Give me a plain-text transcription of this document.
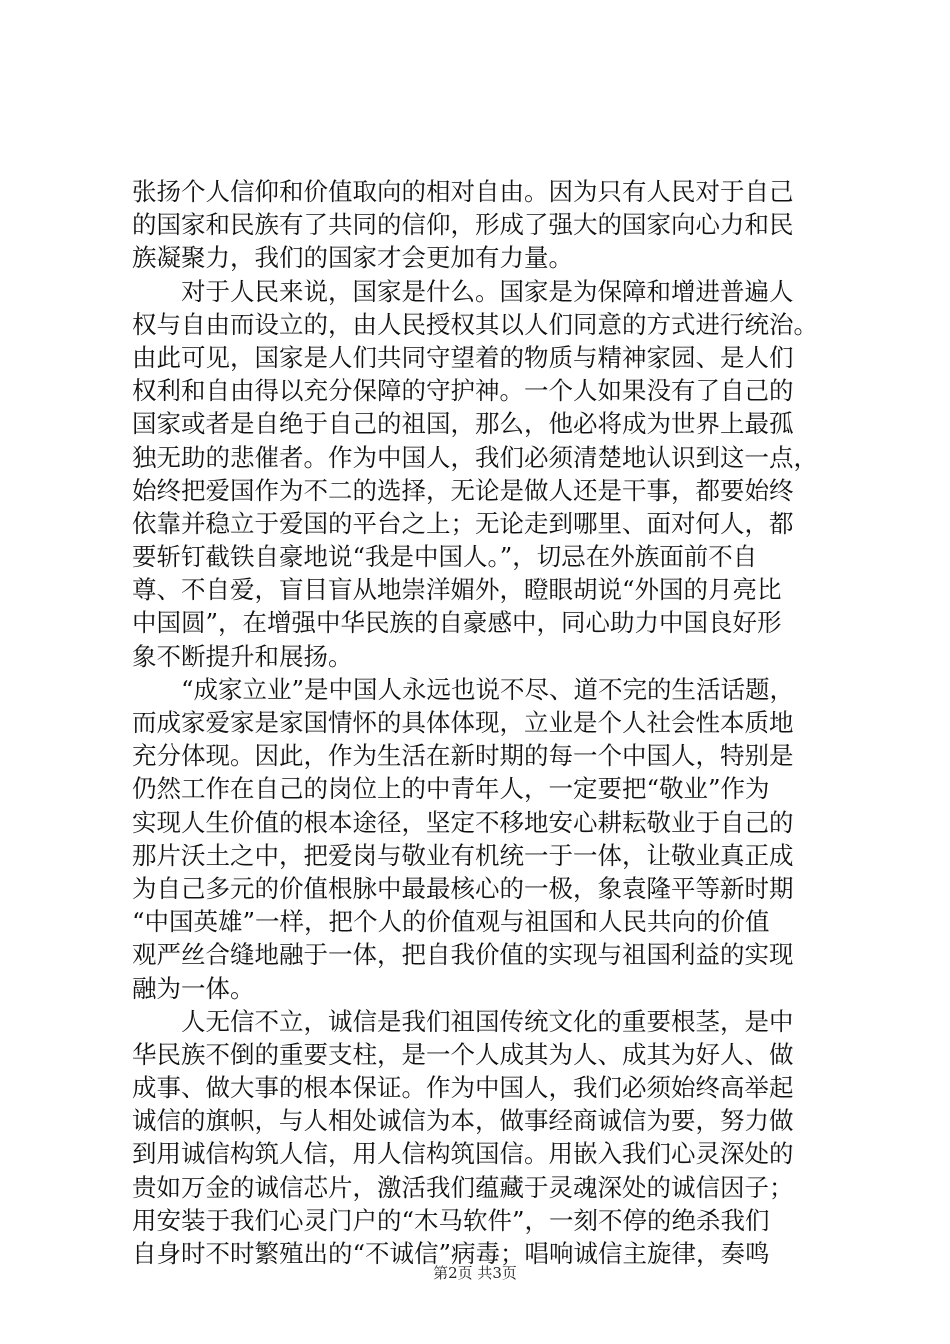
张扬个人信仰和价值取向的相对自由。因为只有人民对于自己
的国家和民族有了共同的信仰，形成了强大的国家向心力和民
族凝聚力，我们的国家才会更加有力量。
　　对于人民来说，国家是什么。国家是为保障和增进普遍人
权与自由而设立的，由人民授权其以人们同意的方式进行统治。
由此可见，国家是人们共同守望着的物质与精神家园、是人们
权利和自由得以充分保障的守护神。一个人如果没有了自己的
国家或者是自绝于自己的祖国，那么，他必将成为世界上最孤
独无助的悲催者。作为中国人，我们必须清楚地认识到这一点，
始终把爱国作为不二的选择，无论是做人还是干事，都要始终
依靠并稳立于爱国的平台之上；无论走到哪里、面对何人，都
要斩钉截铁自豪地说“我是中国人。”，切忌在外族面前不自
尊、不自爱，盲目盲从地崇洋媚外，瞪眼胡说“外国的月亮比
中国圆”，在增强中华民族的自豪感中，同心助力中国良好形
象不断提升和展扬。
　　“成家立业”是中国人永远也说不尽、道不完的生活话题，
而成家爱家是家国情怀的具体体现，立业是个人社会性本质地
充分体现。因此，作为生活在新时期的每一个中国人，特别是
仍然工作在自己的岗位上的中青年人，一定要把“敬业”作为
实现人生价值的根本途径，坚定不移地安心耕耘敬业于自己的
那片沃土之中，把爱岗与敬业有机统一于一体，让敬业真正成
为自己多元的价值根脉中最最核心的一极，象袁隆平等新时期
“中国英雄”一样，把个人的价值观与祖国和人民共向的价值
观严丝合缝地融于一体，把自我价值的实现与祖国利益的实现
融为一体。
　　人无信不立，诚信是我们祖国传统文化的重要根茎，是中
华民族不倒的重要支柱，是一个人成其为人、成其为好人、做
成事、做大事的根本保证。作为中国人，我们必须始终高举起
诚信的旗帜，与人相处诚信为本，做事经商诚信为要，努力做
到用诚信构筑人信，用人信构筑国信。用嵌入我们心灵深处的
贵如万金的诚信芯片，激活我们蕴藏于灵魂深处的诚信因子；
用安装于我们心灵门户的“木马软件”，一刻不停的绝杀我们
自身时不时繁殖出的“不诚信”病毒；唱响诚信主旋律，奏鸣
第2页 共3页
